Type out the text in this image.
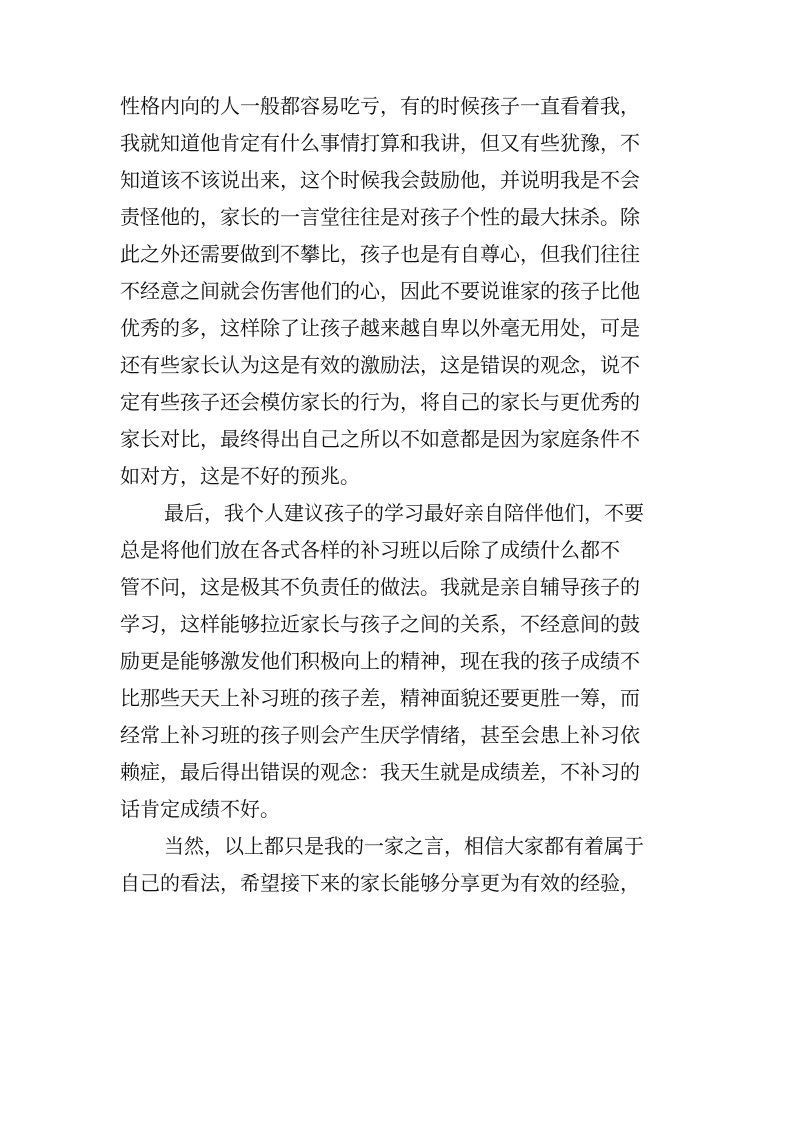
性格内向的人一般都容易吃亏，有的时候孩子一直看着我，
我就知道他肯定有什么事情打算和我讲，但又有些犹豫，不
知道该不该说出来，这个时候我会鼓励他，并说明我是不会
责怪他的，家长的一言堂往往是对孩子个性的最大抹杀。除
此之外还需要做到不攀比，孩子也是有自尊心，但我们往往
不经意之间就会伤害他们的心，因此不要说谁家的孩子比他
优秀的多，这样除了让孩子越来越自卑以外毫无用处，可是
还有些家长认为这是有效的激励法，这是错误的观念，说不
定有些孩子还会模仿家长的行为，将自己的家长与更优秀的
家长对比，最终得出自己之所以不如意都是因为家庭条件不
如对方，这是不好的预兆。
最后，我个人建议孩子的学习最好亲自陪伴他们，不要
总是将他们放在各式各样的补习班以后除了成绩什么都不
管不问，这是极其不负责任的做法。我就是亲自辅导孩子的
学习，这样能够拉近家长与孩子之间的关系，不经意间的鼓
励更是能够激发他们积极向上的精神，现在我的孩子成绩不
比那些天天上补习班的孩子差，精神面貌还要更胜一筹，而
经常上补习班的孩子则会产生厌学情绪，甚至会患上补习依
赖症，最后得出错误的观念：我天生就是成绩差，不补习的
话肯定成绩不好。
当然，以上都只是我的一家之言，相信大家都有着属于
自己的看法，希望接下来的家长能够分享更为有效的经验，
